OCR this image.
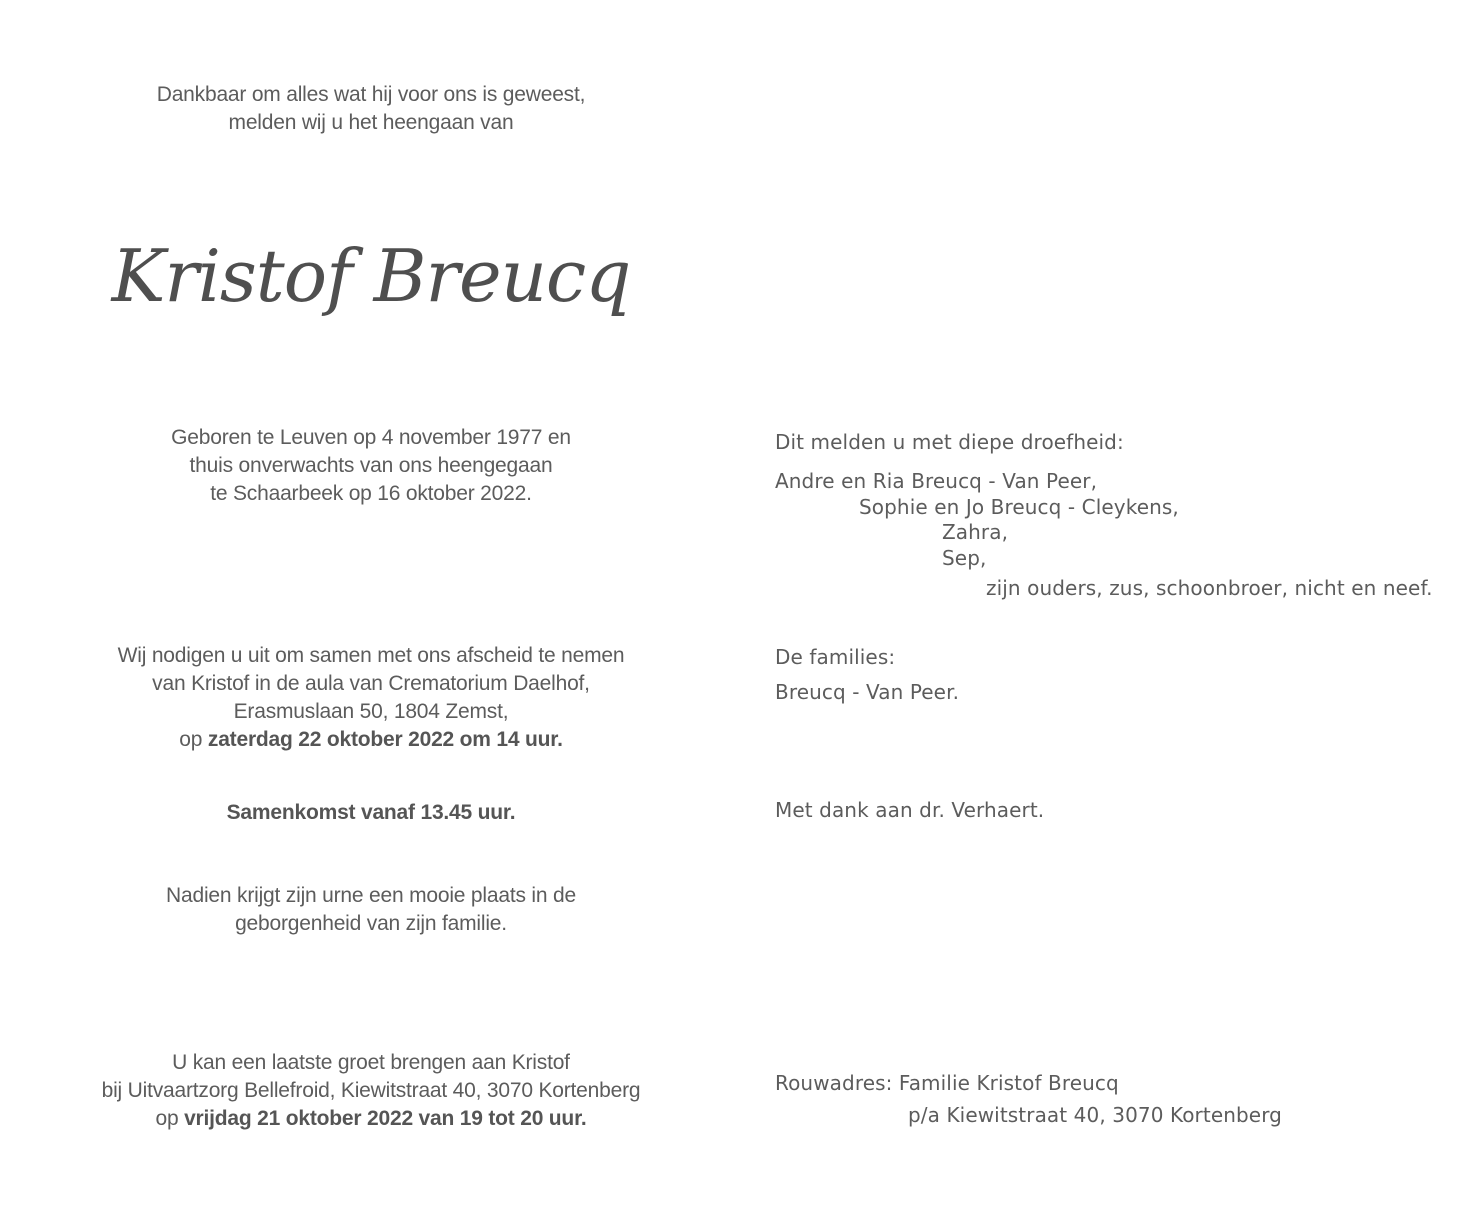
Dankbaar om alles wat hij voor ons is geweest,
melden wij u het heengaan van
Kristof Breucq
Geboren te Leuven op 4 november 1977 en
thuis onverwachts van ons heengegaan
te Schaarbeek op 16 oktober 2022.
Wij nodigen u uit om samen met ons afscheid te nemen
van Kristof in de aula van Crematorium Daelhof,
Erasmuslaan 50, 1804 Zemst,
op zaterdag 22 oktober 2022 om 14 uur.
Samenkomst vanaf 13.45 uur.
Nadien krijgt zijn urne een mooie plaats in de
geborgenheid van zijn familie.
U kan een laatste groet brengen aan Kristof
bij Uitvaartzorg Bellefroid, Kiewitstraat 40, 3070 Kortenberg
op vrijdag 21 oktober 2022 van 19 tot 20 uur.
Dit melden u met diepe droefheid:
Andre en Ria Breucq - Van Peer,
Sophie en Jo Breucq - Cleykens,
Zahra,
Sep,
zijn ouders, zus, schoonbroer, nicht en neef.
De families:
Breucq - Van Peer.
Met dank aan dr. Verhaert.
Rouwadres: Familie Kristof Breucq
p/a Kiewitstraat 40, 3070 Kortenberg
